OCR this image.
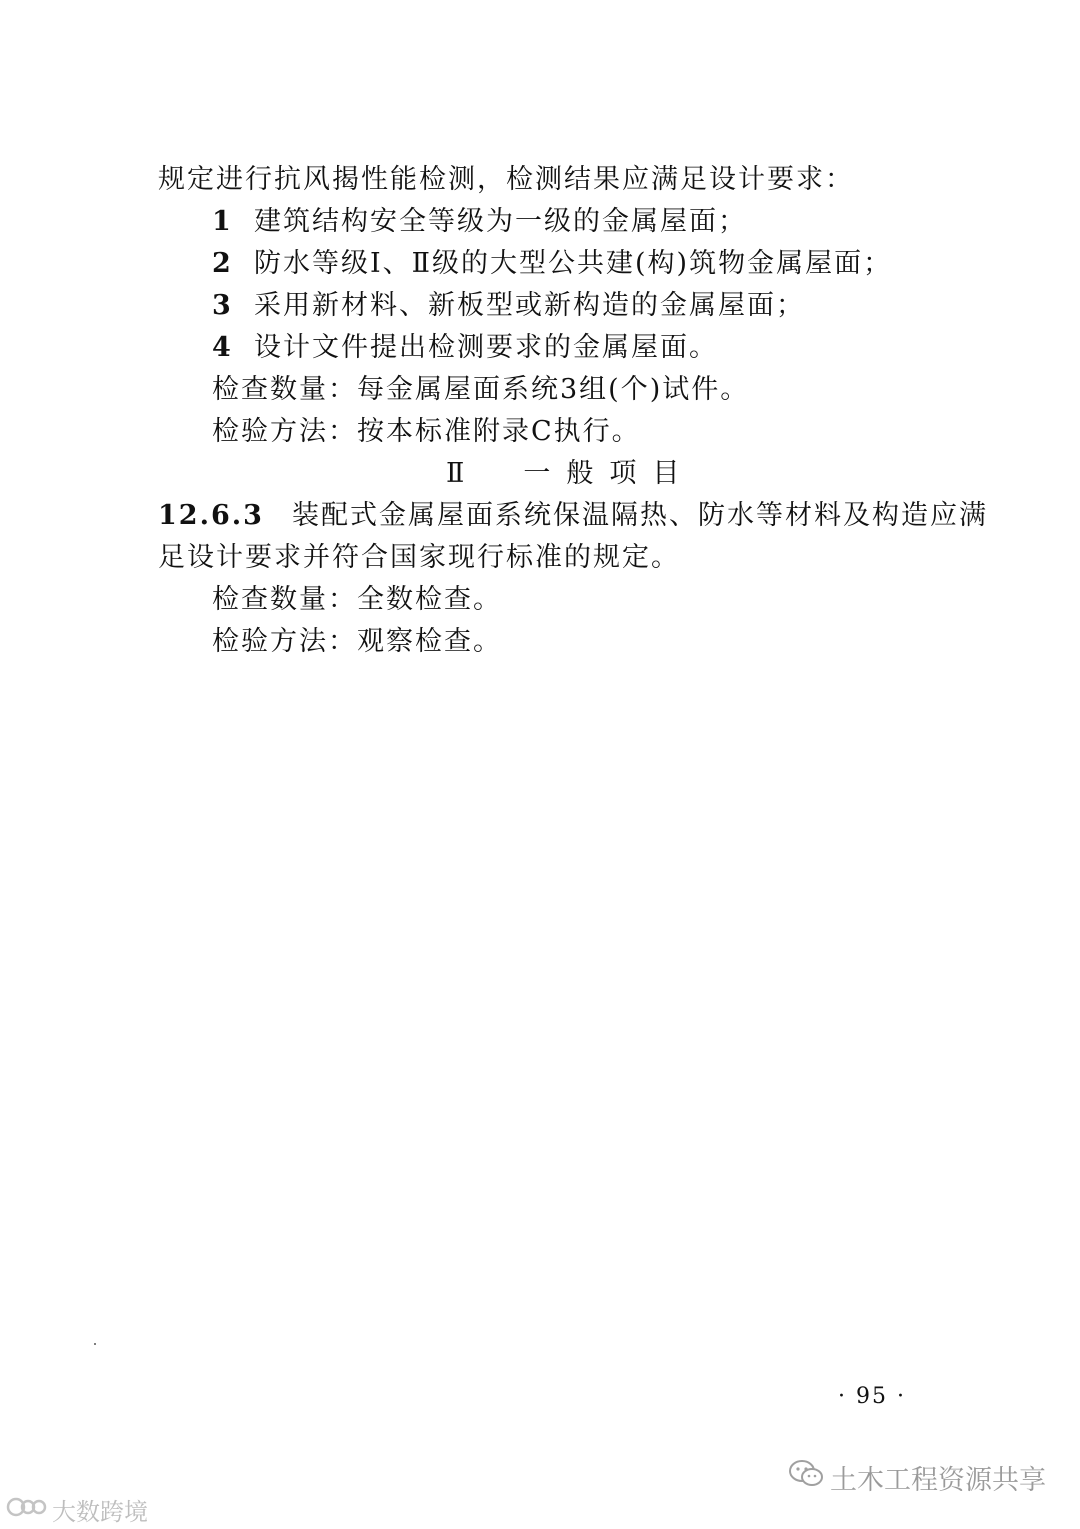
规定进行抗风揭性能检测，检测结果应满足设计要求：

1 建筑结构安全等级为一级的金属屋面；

2 防水等级Ⅰ、Ⅱ级的大型公共建(构)筑物金属屋面；

3 采用新材料、新板型或新构造的金属屋面；

4 设计文件提出检测要求的金属屋面。

检查数量：每金属屋面系统3组(个)试件。

检验方法：按本标准附录C执行。

Ⅱ　一般项目

12.6.3 装配式金属屋面系统保温隔热、防水等材料及构造应满

足设计要求并符合国家现行标准的规定。

检查数量：全数检查。

检验方法：观察检查。

· 95 ·
大数跨境
土木工程资源共享
